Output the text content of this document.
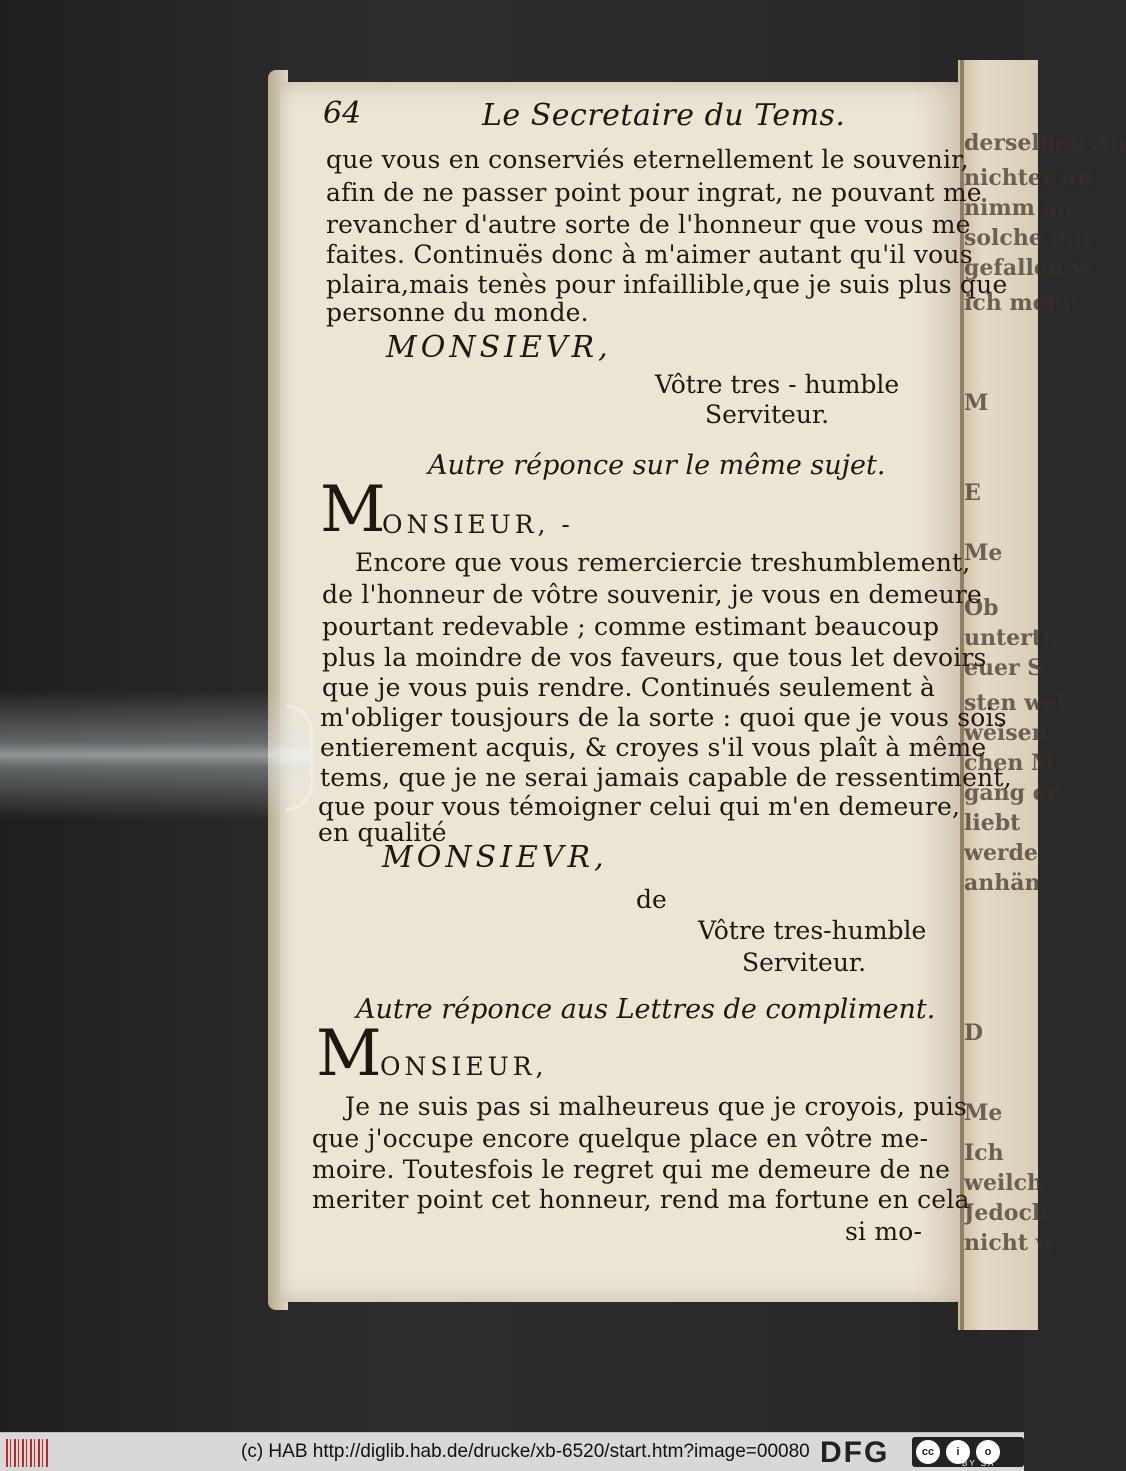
derselben An
nichter un
nimm an
solche mir
gefallen w
ich mehr
M
E
Me
Ob
unterth
euer S
sten wel
weisen
chen M
gang er
liebt
werde
anhän
D
Me
Ich
weilch
Jedoch
nicht w
64	Le Secretaire du Tems.
que vous en conserviés eternellement le souvenir,
afin de ne passer point pour ingrat, ne pouvant me
revancher d'autre sorte de l'honneur que vous me
faites. Continuës donc à m'aimer autant qu'il vous
plaira,mais tenès pour infaillible,que je suis plus que
personne du monde.
MONSIEVR,
Vôtre tres - humble
Serviteur.
Autre réponce sur le même sujet.
M
ONSIEUR, -
Encore que vous remerciercie treshumblement,
de l'honneur de vôtre souvenir, je vous en demeure
pourtant redevable ; comme estimant beaucoup
plus la moindre de vos faveurs, que tous let devoirs
que je vous puis rendre. Continués seulement à
m'obliger tousjours de la sorte : quoi que je vous sois
entierement acquis, & croyes s'il vous plaît à même
tems, que je ne serai jamais capable de ressentiment,
que pour vous témoigner celui qui m'en demeure,
en qualité
MONSIEVR,
de
Vôtre tres-humble
Serviteur.
Autre réponce aus Lettres de compliment.
M
ONSIEUR,
Je ne suis pas si malheureus que je croyois, puis
que j'occupe encore quelque place en vôtre me-
moire. Toutesfois le regret qui me demeure de ne
meriter point cet honneur, rend ma fortune en cela
si mo-
(c) HAB http://diglib.hab.de/drucke/xb-6520/start.htm?image=00080 DFG	cc	i	o
BY SA
